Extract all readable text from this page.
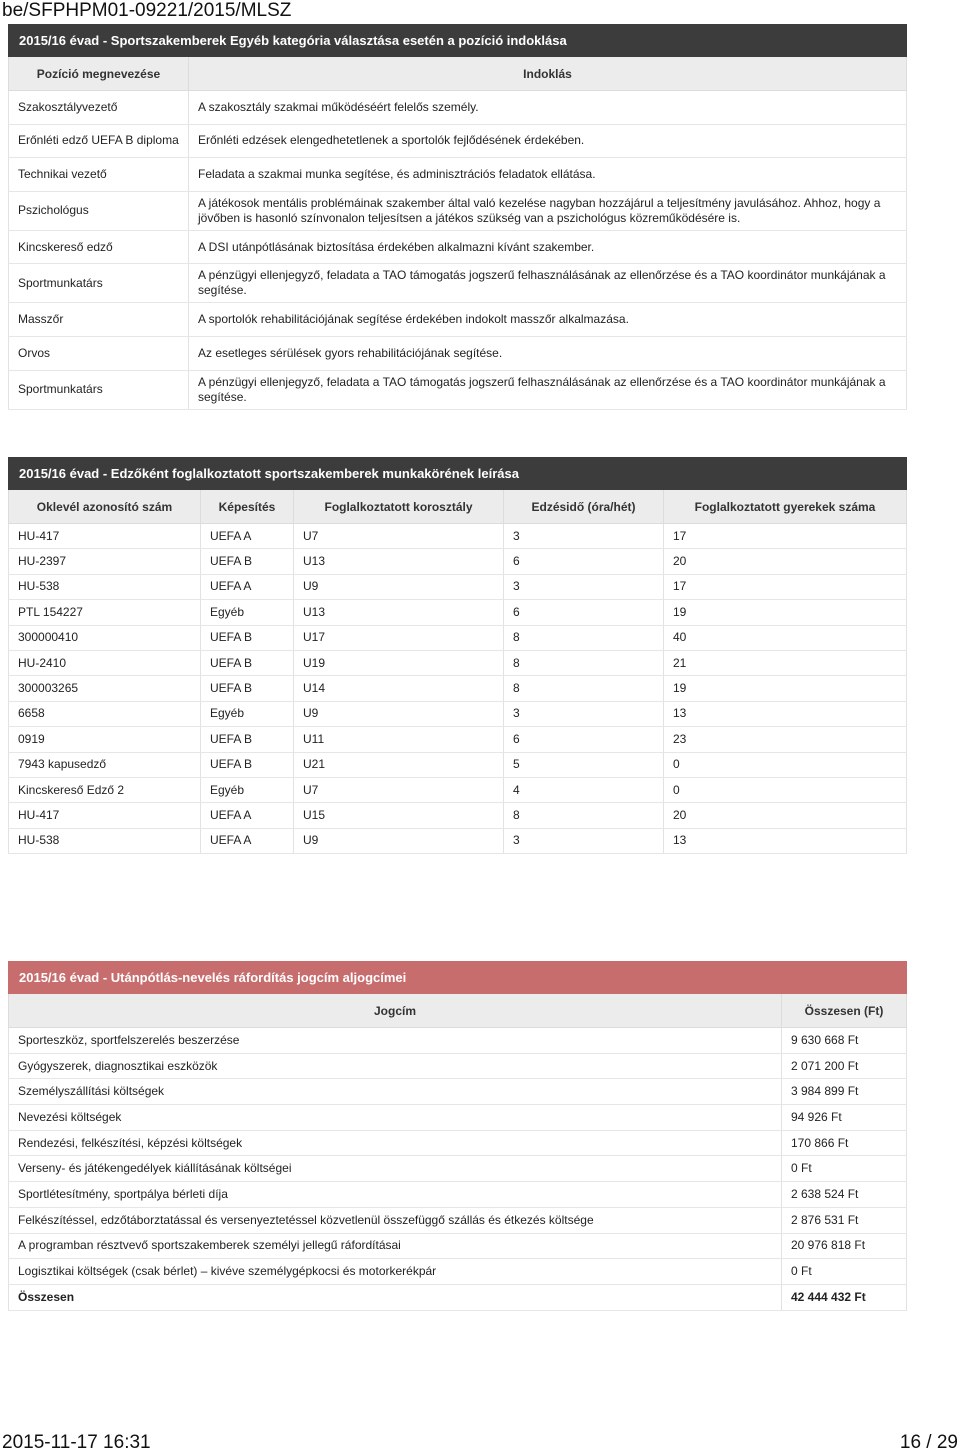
be/SFPHPM01-09221/2015/MLSZ
2015/16 évad - Sportszakemberek Egyéb kategória választása esetén a pozíció indoklása
Pozíció megnevezése	Indoklás
Szakosztályvezető	A szakosztály szakmai működéséért felelős személy.
Erőnléti edző UEFA B diploma	Erőnléti edzések elengedhetetlenek a sportolók fejlődésének érdekében.
Technikai vezető	Feladata a szakmai munka segítése, és adminisztrációs feladatok ellátása.
Pszichológus	A játékosok mentális problémáinak szakember által való kezelése nagyban hozzájárul a teljesítmény javulásához. Ahhoz, hogy a jövőben is hasonló színvonalon teljesítsen a játékos szükség van a pszichológus közreműködésére is.
Kincskereső edző	A DSI utánpótlásának biztosítása érdekében alkalmazni kívánt szakember.
Sportmunkatárs	A pénzügyi ellenjegyző, feladata a TAO támogatás jogszerű felhasználásának az ellenőrzése és a TAO koordinátor munkájának a segítése.
Masszőr	A sportolók rehabilitációjának segítése érdekében indokolt masszőr alkalmazása.
Orvos	Az esetleges sérülések gyors rehabilitációjának segítése.
Sportmunkatárs	A pénzügyi ellenjegyző, feladata a TAO támogatás jogszerű felhasználásának az ellenőrzése és a TAO koordinátor munkájának a segítése.
2015/16 évad - Edzőként foglalkoztatott sportszakemberek munkakörének leírása
Oklevél azonosító szám	Képesítés	Foglalkoztatott korosztály	Edzésidő (óra/hét)	Foglalkoztatott gyerekek száma
HU-417	UEFA A	U7	3	17
HU-2397	UEFA B	U13	6	20
HU-538	UEFA A	U9	3	17
PTL 154227	Egyéb	U13	6	19
300000410	UEFA B	U17	8	40
HU-2410	UEFA B	U19	8	21
300003265	UEFA B	U14	8	19
6658	Egyéb	U9	3	13
0919	UEFA B	U11	6	23
7943 kapusedző	UEFA B	U21	5	0
Kincskereső Edző 2	Egyéb	U7	4	0
HU-417	UEFA A	U15	8	20
HU-538	UEFA A	U9	3	13
2015/16 évad - Utánpótlás-nevelés ráfordítás jogcím aljogcímei
Jogcím	Összesen (Ft)
Sporteszköz, sportfelszerelés beszerzése	9 630 668 Ft
Gyógyszerek, diagnosztikai eszközök	2 071 200 Ft
Személyszállítási költségek	3 984 899 Ft
Nevezési költségek	94 926 Ft
Rendezési, felkészítési, képzési költségek	170 866 Ft
Verseny- és játékengedélyek kiállításának költségei	0 Ft
Sportlétesítmény, sportpálya bérleti díja	2 638 524 Ft
Felkészítéssel, edzőtáborztatással és versenyeztetéssel közvetlenül összefüggő szállás és étkezés költsége	2 876 531 Ft
A programban résztvevő sportszakemberek személyi jellegű ráfordításai	20 976 818 Ft
Logisztikai költségek (csak bérlet) – kivéve személygépkocsi és motorkerékpár	0 Ft
Összesen	42 444 432 Ft
2015-11-17 16:31	16 / 29
